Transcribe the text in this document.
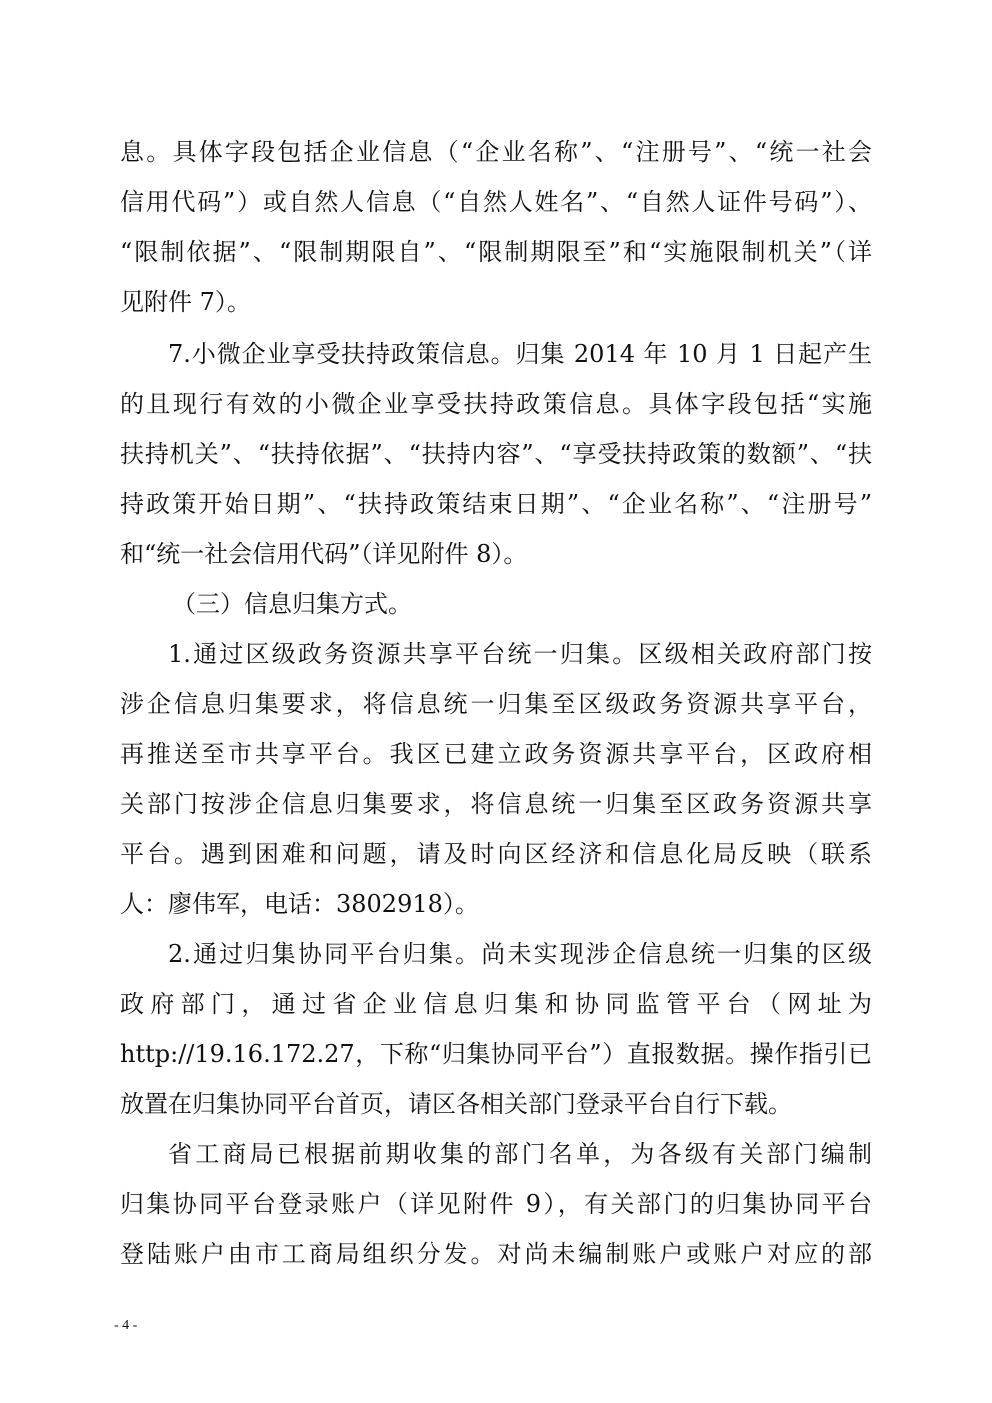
息。具体字段包括企业信息（“企业名称”、“注册号”、“统一社会
信用代码”）或自然人信息（“自然人姓名”、“自然人证件号码”）、
“限制依据”、“限制期限自”、“限制期限至”和“实施限制机关”（详
见附件 7）。
7.小微企业享受扶持政策信息。归集 2014 年 10 月 1 日起产生
的且现行有效的小微企业享受扶持政策信息。具体字段包括“实施
扶持机关”、“扶持依据”、“扶持内容”、“享受扶持政策的数额”、“扶
持政策开始日期”、“扶持政策结束日期”、“企业名称”、“注册号”
和“统一社会信用代码”（详见附件 8）。
（三）信息归集方式。
1.通过区级政务资源共享平台统一归集。区级相关政府部门按
涉企信息归集要求，将信息统一归集至区级政务资源共享平台，
再推送至市共享平台。我区已建立政务资源共享平台，区政府相
关部门按涉企信息归集要求，将信息统一归集至区政务资源共享
平台。遇到困难和问题，请及时向区经济和信息化局反映（联系
人：廖伟军，电话：3802918）。
2.通过归集协同平台归集。尚未实现涉企信息统一归集的区级
政府部门，通过省企业信息归集和协同监管平台（网址为
http://19.16.172.27，下称“归集协同平台”）直报数据。操作指引已
放置在归集协同平台首页，请区各相关部门登录平台自行下载。
省工商局已根据前期收集的部门名单，为各级有关部门编制
归集协同平台登录账户（详见附件 9），有关部门的归集协同平台
登陆账户由市工商局组织分发。对尚未编制账户或账户对应的部
- 4 -
